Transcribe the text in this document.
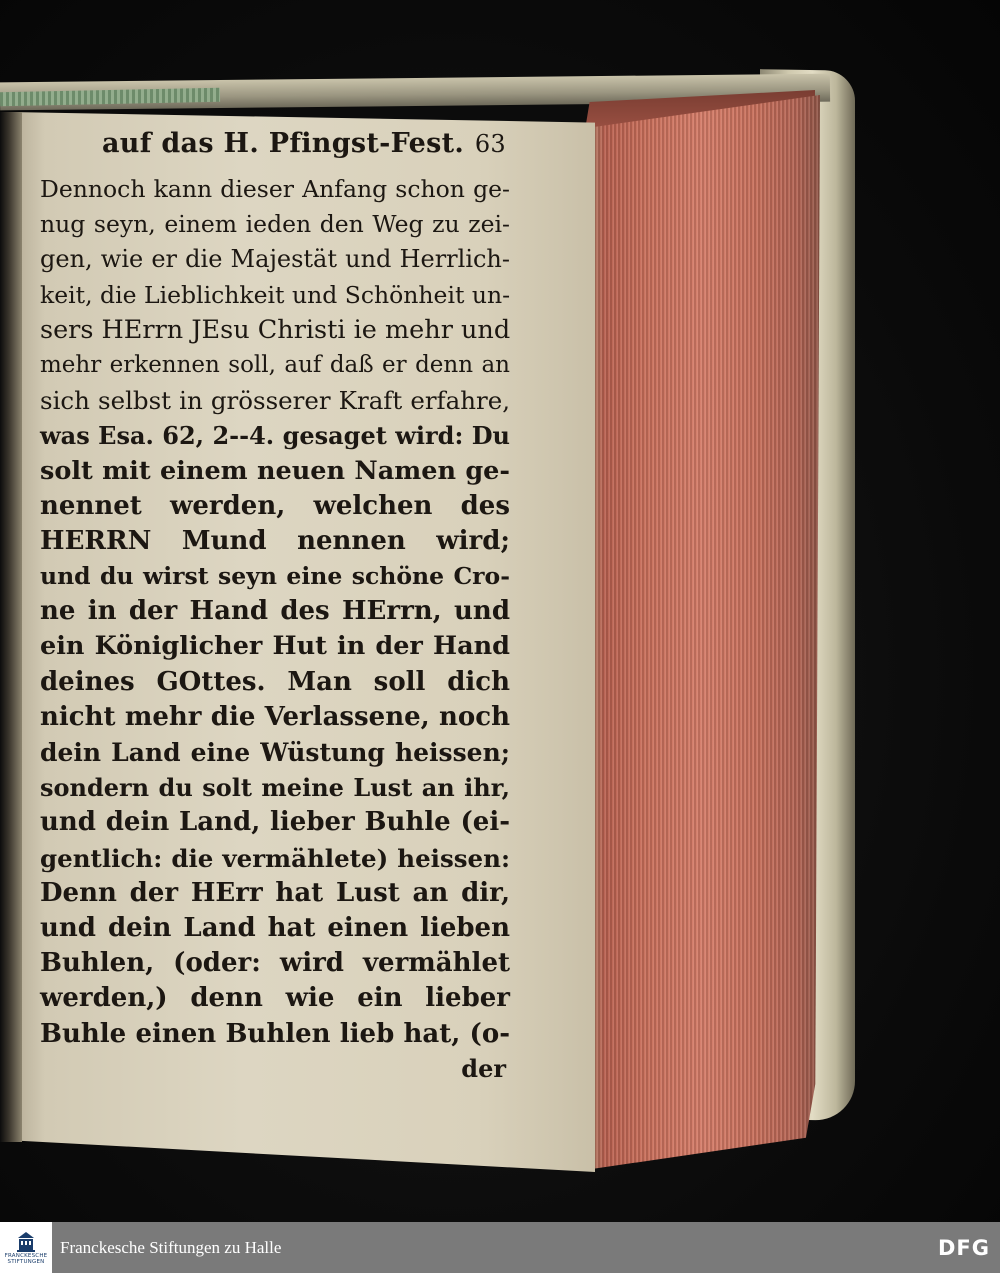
auf das H. Pfingst-Fest. 63
Dennoch kann dieser Anfang schon ge-
nug seyn, einem ieden den Weg zu zei-
gen, wie er die Majestät und Herrlich-
keit, die Lieblichkeit und Schönheit un-
sers HErrn JEsu Christi ie mehr und
mehr erkennen soll, auf daß er denn an
sich selbst in grösserer Kraft erfahre,
was Esa. 62, 2--4. gesaget wird: Du
solt mit einem neuen Namen ge-
nennet werden, welchen des
HERRN Mund nennen wird;
und du wirst seyn eine schöne Cro-
ne in der Hand des HErrn, und
ein Königlicher Hut in der Hand
deines GOttes. Man soll dich
nicht mehr die Verlassene, noch
dein Land eine Wüstung heissen;
sondern du solt meine Lust an ihr,
und dein Land, lieber Buhle (ei-
gentlich: die vermählete) heissen:
Denn der HErr hat Lust an dir,
und dein Land hat einen lieben
Buhlen, (oder: wird vermählet
werden,) denn wie ein lieber
Buhle einen Buhlen lieb hat, (o-
der
FRANCKESCHE
STIFTUNGEN
Franckesche Stiftungen zu Halle	DFG
